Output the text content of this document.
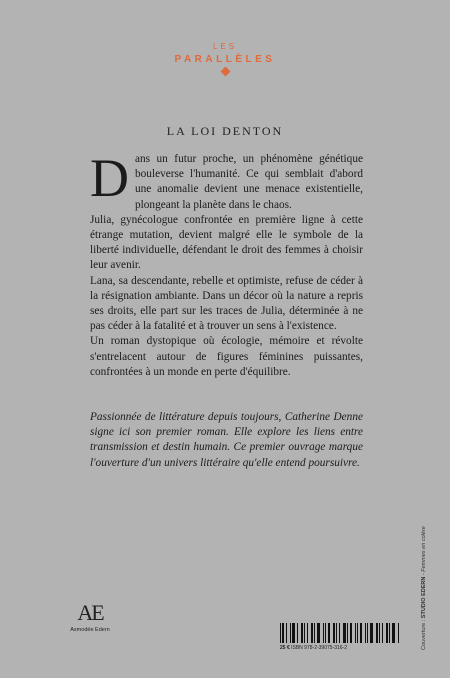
LES
PARALLÈLES
LA LOI DENTON

Dans un futur proche, un phénomène génétique bouleverse l'humanité. Ce qui semblait d'abord une anomalie devient une menace existentielle, plongeant la planète dans le chaos.

Julia, gynécologue confrontée en première ligne à cette étrange mutation, devient malgré elle le symbole de la liberté individuelle, défendant le droit des femmes à choisir leur avenir.

Lana, sa descendante, rebelle et optimiste, refuse de céder à la résignation ambiante. Dans un décor où la nature a repris ses droits, elle part sur les traces de Julia, déterminée à ne pas céder à la fatalité et à trouver un sens à l'existence.

Un roman dystopique où écologie, mémoire et révolte s'entrelacent autour de figures féminines puissantes, confrontées à un monde en perte d'équilibre.

Passionnée de littérature depuis toujours, Catherine Denne signe ici son premier roman. Elle explore les liens entre transmission et destin humain. Ce premier ouvrage marque l'ouverture d'un univers littéraire qu'elle entend poursuivre.
AE
Asmodée Edern
25 € ISBN 978-2-39075-316-2	Couverture : STUDIO EDERN - Femmes en colère
